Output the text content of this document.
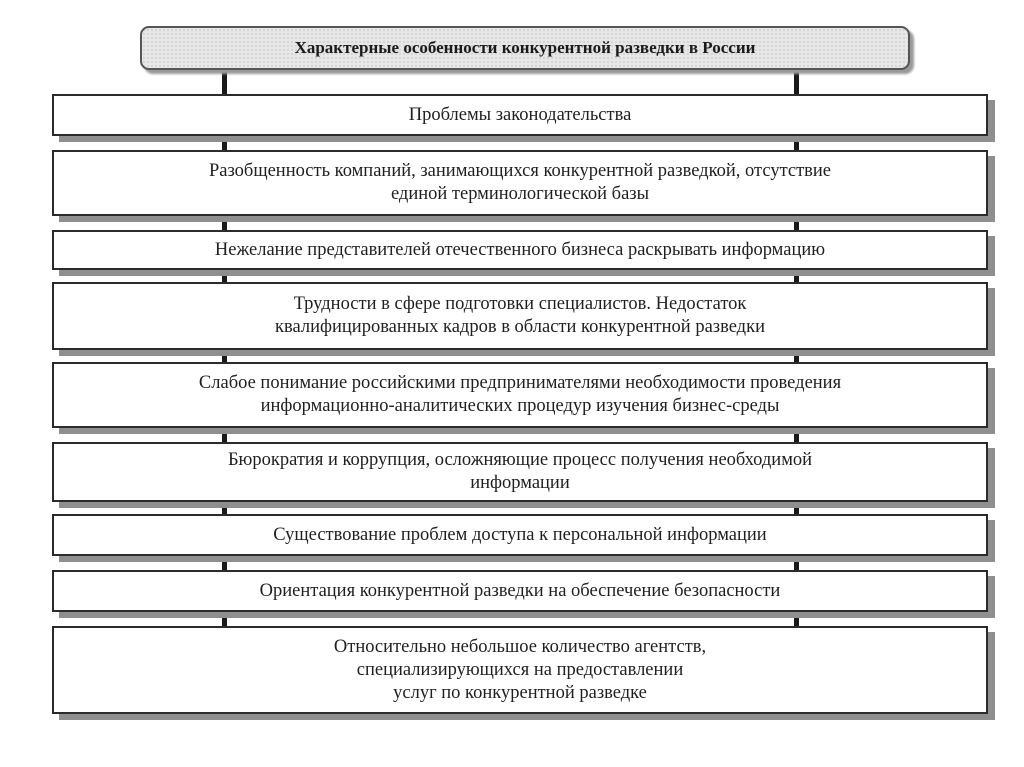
Характерные особенности конкурентной разведки в России
Проблемы законодательства
Разобщенность компаний, занимающихся конкурентной разведкой, отсутствие
единой терминологической базы
Нежелание представителей отечественного бизнеса раскрывать информацию
Трудности в сфере подготовки специалистов. Недостаток
квалифицированных кадров в области конкурентной разведки
Слабое понимание российскими предпринимателями необходимости проведения
информационно-аналитических процедур изучения бизнес-среды
Бюрократия и коррупция, осложняющие процесс получения необходимой
информации
Существование проблем доступа к персональной информации
Ориентация конкурентной разведки на обеспечение безопасности
Относительно небольшое количество агентств,
специализирующихся на предоставлении
услуг по конкурентной разведке
